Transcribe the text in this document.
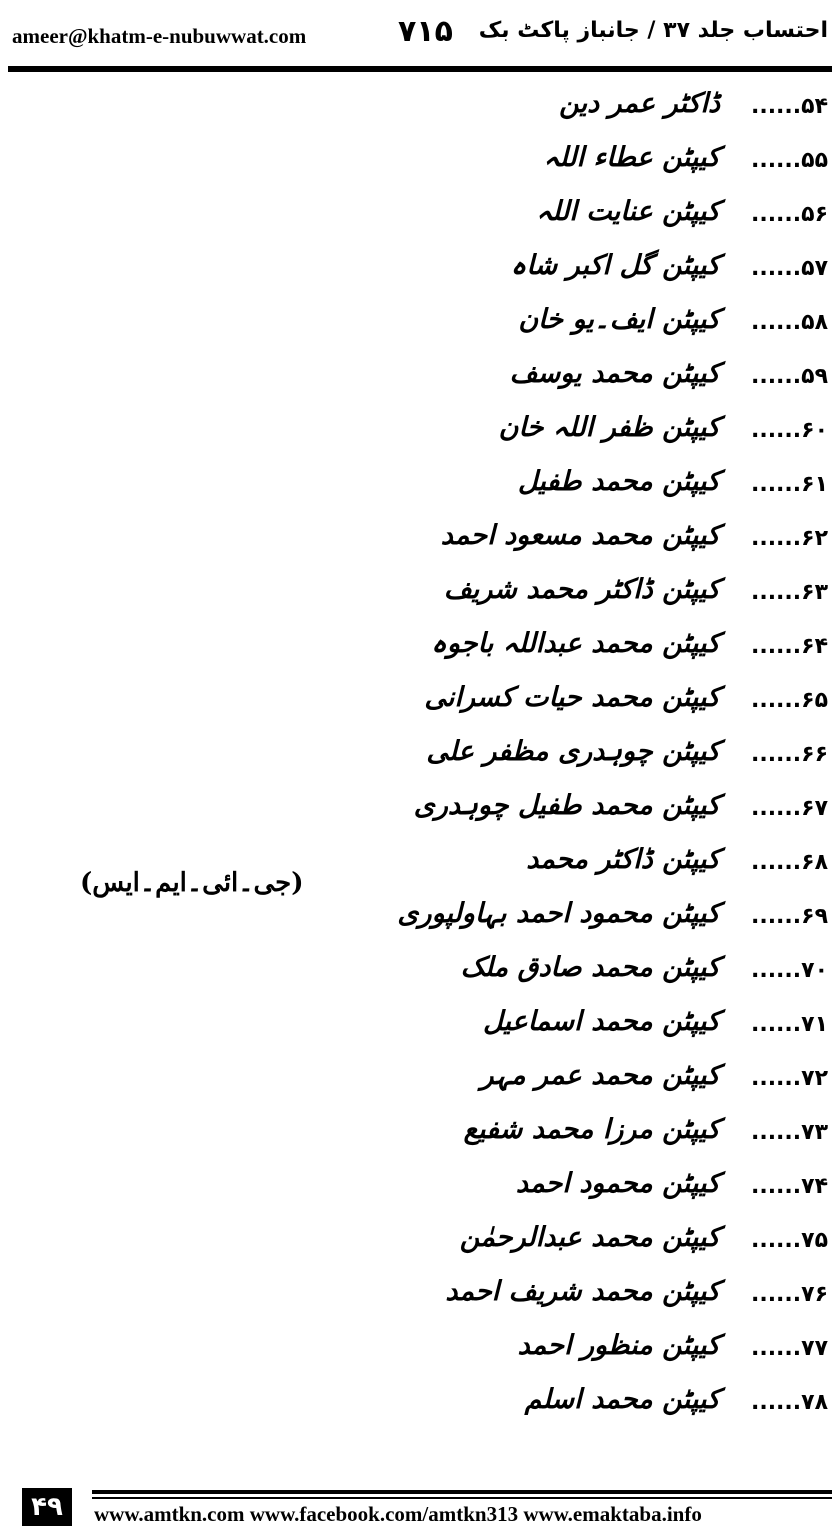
ameer@khatm-e-nubuwwat.com	۷۱۵ احتساب جلد ۳۷ / جانباز پاکٹ بک
۵۴......
ڈاکٹر عمر دین
۵۵......
کیپٹن عطاء اللہ
۵۶......
کیپٹن عنایت اللہ
۵۷......
کیپٹن گل اکبر شاہ
۵۸......
کیپٹن ایف۔یو خان
۵۹......
کیپٹن محمد یوسف
۶۰......
کیپٹن ظفر اللہ خان
۶۱......
کیپٹن محمد طفیل
۶۲......
کیپٹن محمد مسعود احمد
۶۳......
کیپٹن ڈاکٹر محمد شریف
۶۴......
کیپٹن محمد عبداللہ باجوہ
۶۵......
کیپٹن محمد حیات کسرانی
۶۶......
کیپٹن چوہدری مظفر علی
۶۷......
کیپٹن محمد طفیل چوہدری
۶۸......
کیپٹن ڈاکٹر محمد
۶۹......
کیپٹن محمود احمد بہاولپوری
۷۰......
کیپٹن محمد صادق ملک
۷۱......
کیپٹن محمد اسماعیل
۷۲......
کیپٹن محمد عمر مہر
۷۳......
کیپٹن مرزا محمد شفیع
۷۴......
کیپٹن محمود احمد
۷۵......
کیپٹن محمد عبدالرحمٰن
۷۶......
کیپٹن محمد شریف احمد
۷۷......
کیپٹن منظور احمد
۷۸......
کیپٹن محمد اسلم
(جی۔ائی۔ایم۔ایس)
۴۹	www.amtkn.com www.facebook.com/amtkn313 www.emaktaba.info
